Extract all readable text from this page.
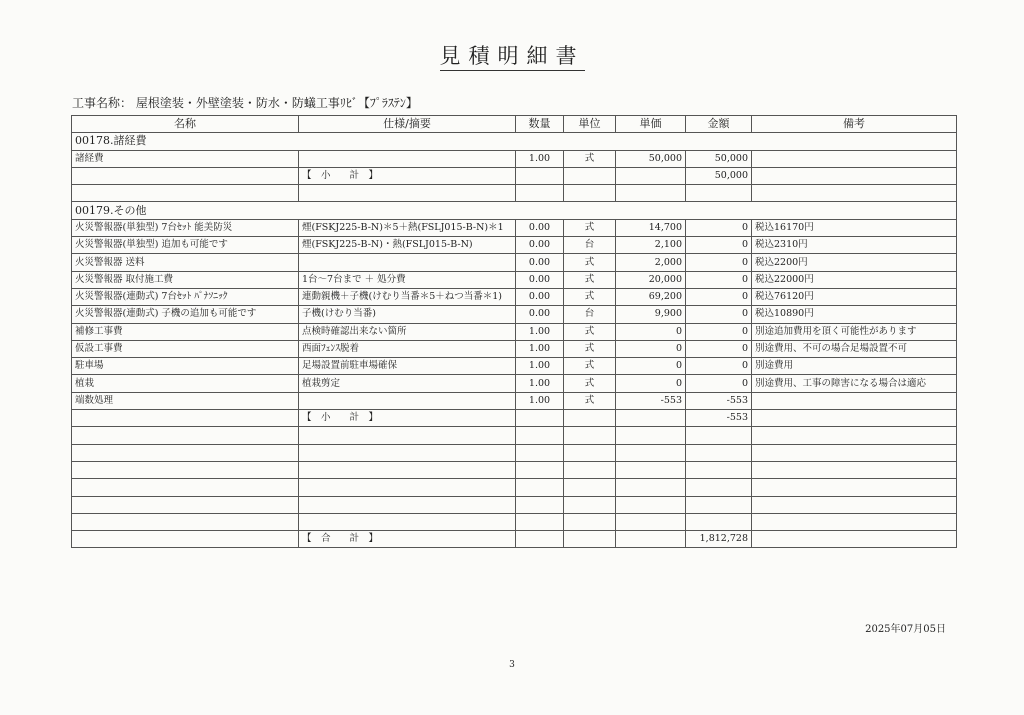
見積明細書
工事名称： 屋根塗装・外壁塗装・防水・防蟻工事ﾘﾋﾞ【ﾌﾟﾗｽﾃﾝ】
名称	仕様/摘要	数量	単位	単価	金額	備考
00178.諸経費						
諸経費		1.00	式	50,000	50,000	
	【　小　　計　】				50,000	

00179.その他						
火災警報器(単独型) 7台ｾｯﾄ 能美防災	煙(FSKJ225-B-N)＊5＋熱(FSLJ015-B-N)＊1	0.00	式	14,700	0	税込16170円
火災警報器(単独型) 追加も可能です	煙(FSKJ225-B-N)・熱(FSLJ015-B-N)	0.00	台	2,100	0	税込2310円
火災警報器 送料		0.00	式	2,000	0	税込2200円
火災警報器 取付施工費	1台～7台まで ＋ 処分費	0.00	式	20,000	0	税込22000円
火災警報器(連動式) 7台ｾｯﾄ ﾊﾟﾅｿﾆｯｸ	連動親機＋子機(けむり当番＊5＋ねつ当番＊1)	0.00	式	69,200	0	税込76120円
火災警報器(連動式) 子機の追加も可能です	子機(けむり当番)	0.00	台	9,900	0	税込10890円
補修工事費	点検時確認出来ない箇所	1.00	式	0	0	別途追加費用を頂く可能性があります
仮設工事費	西面ﾌｪﾝｽ脱着	1.00	式	0	0	別途費用、不可の場合足場設置不可
駐車場	足場設置前駐車場確保	1.00	式	0	0	別途費用
植栽	植栽剪定	1.00	式	0	0	別途費用、工事の障害になる場合は適応
端数処理		1.00	式	-553	-553	
	【　小　　計　】				-553	

	【　合　　計　】				1,812,728	
2025年07月05日
3
